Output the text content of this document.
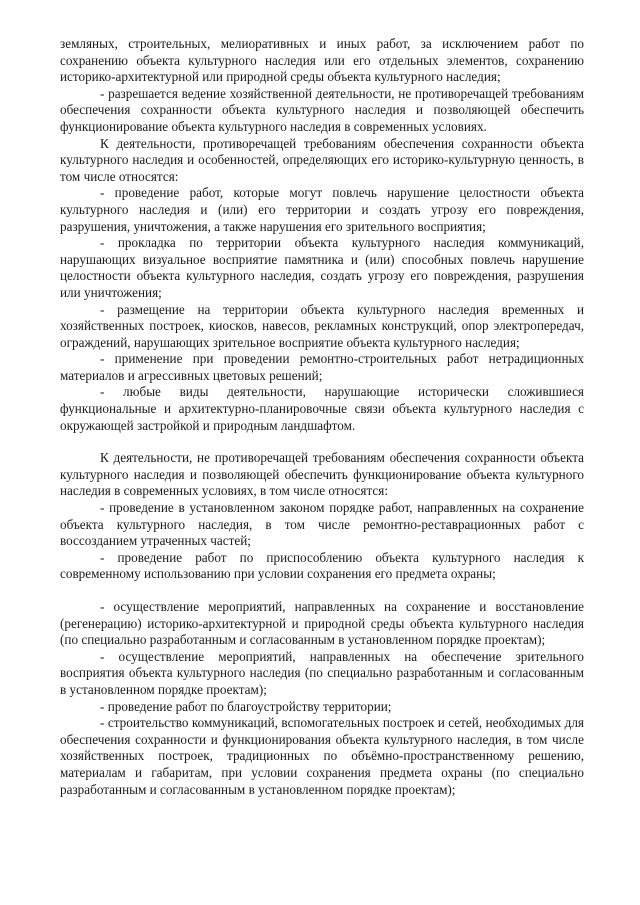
земляных, строительных, мелиоративных и иных работ, за исключением работ по сохранению объекта культурного наследия или его отдельных элементов, сохранению историко-архитектурной или природной среды объекта культурного наследия;

- разрешается ведение хозяйственной деятельности, не противоречащей требованиям обеспечения сохранности объекта культурного наследия и позволяющей обеспечить функционирование объекта культурного наследия в современных условиях.

К деятельности, противоречащей требованиям обеспечения сохранности объекта культурного наследия и особенностей, определяющих его историко-культурную ценность, в том числе относятся:

- проведение работ, которые могут повлечь нарушение целостности объекта культурного наследия и (или) его территории и создать угрозу его повреждения, разрушения, уничтожения, а также нарушения его зрительного восприятия;

- прокладка по территории объекта культурного наследия коммуникаций, нарушающих визуальное восприятие памятника и (или) способных повлечь нарушение целостности объекта культурного наследия, создать угрозу его повреждения, разрушения или уничтожения;

- размещение на территории объекта культурного наследия временных и хозяйственных построек, киосков, навесов, рекламных конструкций, опор электропередач, ограждений, нарушающих зрительное восприятие объекта культурного наследия;

- применение при проведении ремонтно-строительных работ нетрадиционных материалов и агрессивных цветовых решений;

- любые виды деятельности, нарушающие исторически сложившиеся функциональные и архитектурно-планировочные связи объекта культурного наследия с окружающей застройкой и природным ландшафтом.

К деятельности, не противоречащей требованиям обеспечения сохранности объекта культурного наследия и позволяющей обеспечить функционирование объекта культурного наследия в современных условиях, в том числе относятся:

- проведение в установленном законом порядке работ, направленных на сохранение объекта культурного наследия, в том числе ремонтно-реставрационных работ с воссозданием утраченных частей;

- проведение работ по приспособлению объекта культурного наследия к современному использованию при условии сохранения его предмета охраны;

- осуществление мероприятий, направленных на сохранение и восстановление (регенерацию) историко-архитектурной и природной среды объекта культурного наследия (по специально разработанным и согласованным в установленном порядке проектам);

- осуществление мероприятий, направленных на обеспечение зрительного восприятия объекта культурного наследия (по специально разработанным и согласованным в установленном порядке проектам);

- проведение работ по благоустройству территории;

- строительство коммуникаций, вспомогательных построек и сетей, необходимых для обеспечения сохранности и функционирования объекта культурного наследия, в том числе хозяйственных построек, традиционных по объёмно-пространственному решению, материалам и габаритам, при условии сохранения предмета охраны (по специально разработанным и согласованным в установленном порядке проектам);
